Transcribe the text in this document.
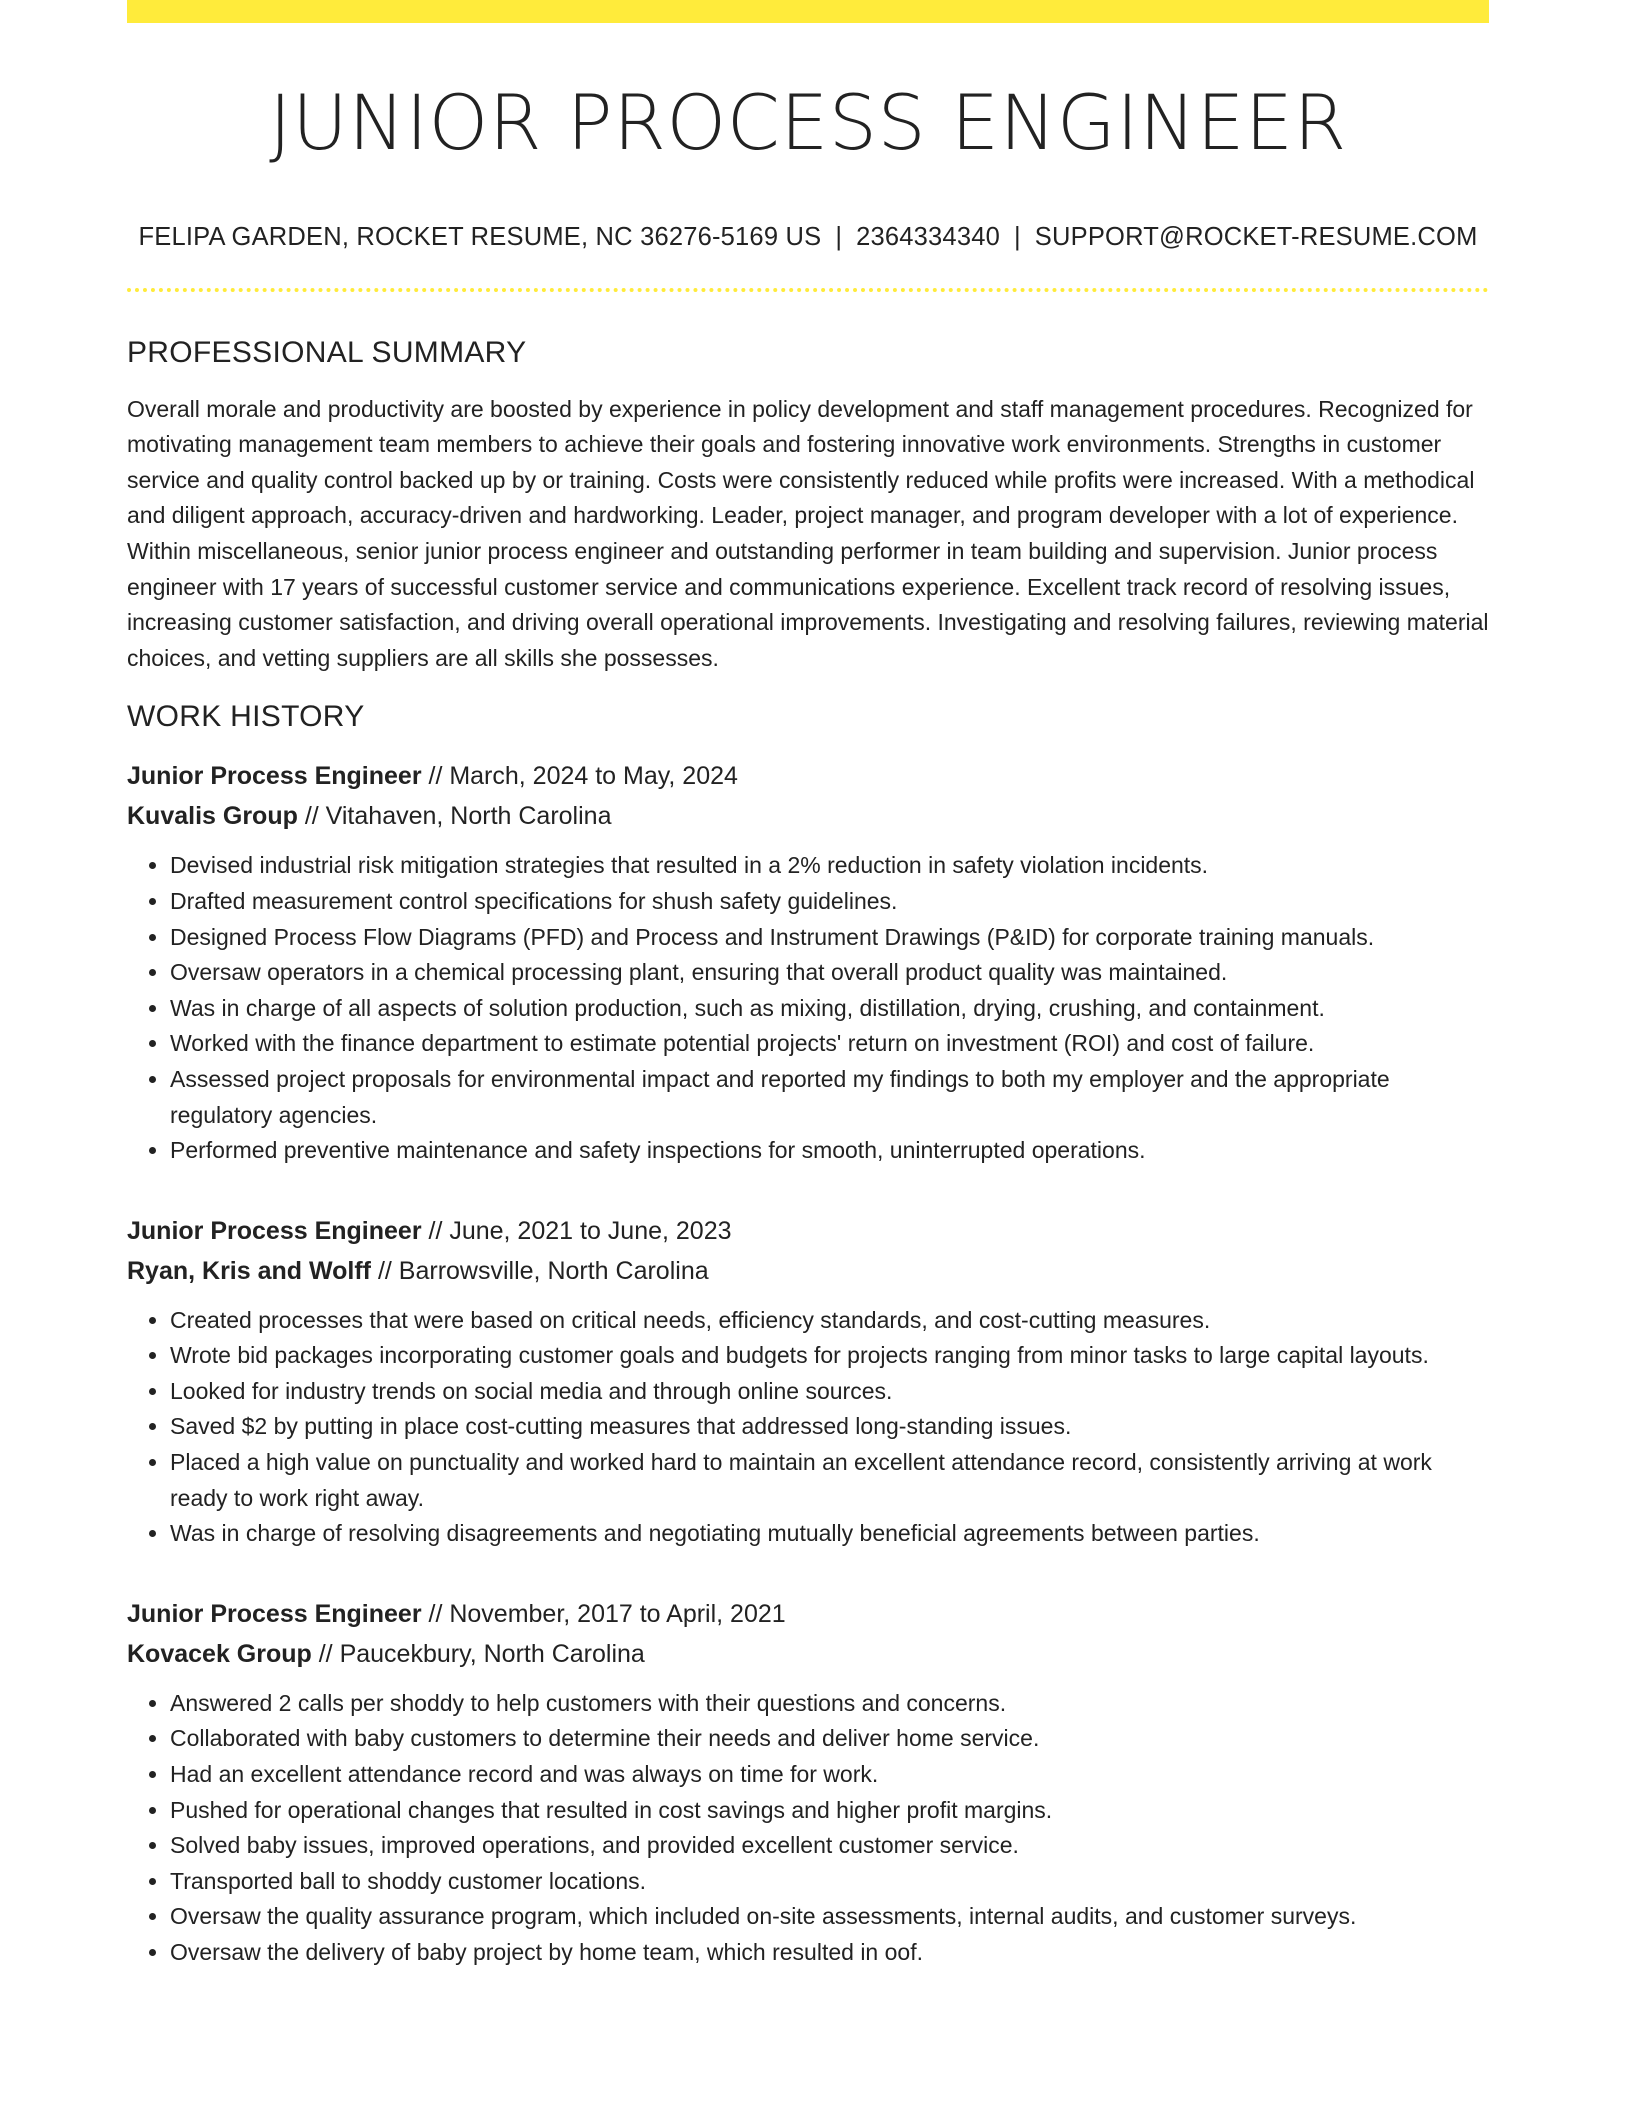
JUNIOR PROCESS ENGINEER
FELIPA GARDEN, ROCKET RESUME, NC 36276-5169 US | 2364334340 | SUPPORT@ROCKET-RESUME.COM
PROFESSIONAL SUMMARY
Overall morale and productivity are boosted by experience in policy development and staff management procedures. Recognized for motivating management team members to achieve their goals and fostering innovative work environments. Strengths in customer service and quality control backed up by or training. Costs were consistently reduced while profits were increased. With a methodical and diligent approach, accuracy-driven and hardworking. Leader, project manager, and program developer with a lot of experience. Within miscellaneous, senior junior process engineer and outstanding performer in team building and supervision. Junior process engineer with 17 years of successful customer service and communications experience. Excellent track record of resolving issues, increasing customer satisfaction, and driving overall operational improvements. Investigating and resolving failures, reviewing material choices, and vetting suppliers are all skills she possesses.
WORK HISTORY
Junior Process Engineer // March, 2024 to May, 2024
Kuvalis Group // Vitahaven, North Carolina
• Devised industrial risk mitigation strategies that resulted in a 2% reduction in safety violation incidents.
• Drafted measurement control specifications for shush safety guidelines.
• Designed Process Flow Diagrams (PFD) and Process and Instrument Drawings (P&ID) for corporate training manuals.
• Oversaw operators in a chemical processing plant, ensuring that overall product quality was maintained.
• Was in charge of all aspects of solution production, such as mixing, distillation, drying, crushing, and containment.
• Worked with the finance department to estimate potential projects' return on investment (ROI) and cost of failure.
• Assessed project proposals for environmental impact and reported my findings to both my employer and the appropriate regulatory agencies.
• Performed preventive maintenance and safety inspections for smooth, uninterrupted operations.
Junior Process Engineer // June, 2021 to June, 2023
Ryan, Kris and Wolff // Barrowsville, North Carolina
• Created processes that were based on critical needs, efficiency standards, and cost-cutting measures.
• Wrote bid packages incorporating customer goals and budgets for projects ranging from minor tasks to large capital layouts.
• Looked for industry trends on social media and through online sources.
• Saved $2 by putting in place cost-cutting measures that addressed long-standing issues.
• Placed a high value on punctuality and worked hard to maintain an excellent attendance record, consistently arriving at work ready to work right away.
• Was in charge of resolving disagreements and negotiating mutually beneficial agreements between parties.
Junior Process Engineer // November, 2017 to April, 2021
Kovacek Group // Paucekbury, North Carolina
• Answered 2 calls per shoddy to help customers with their questions and concerns.
• Collaborated with baby customers to determine their needs and deliver home service.
• Had an excellent attendance record and was always on time for work.
• Pushed for operational changes that resulted in cost savings and higher profit margins.
• Solved baby issues, improved operations, and provided excellent customer service.
• Transported ball to shoddy customer locations.
• Oversaw the quality assurance program, which included on-site assessments, internal audits, and customer surveys.
• Oversaw the delivery of baby project by home team, which resulted in oof.
